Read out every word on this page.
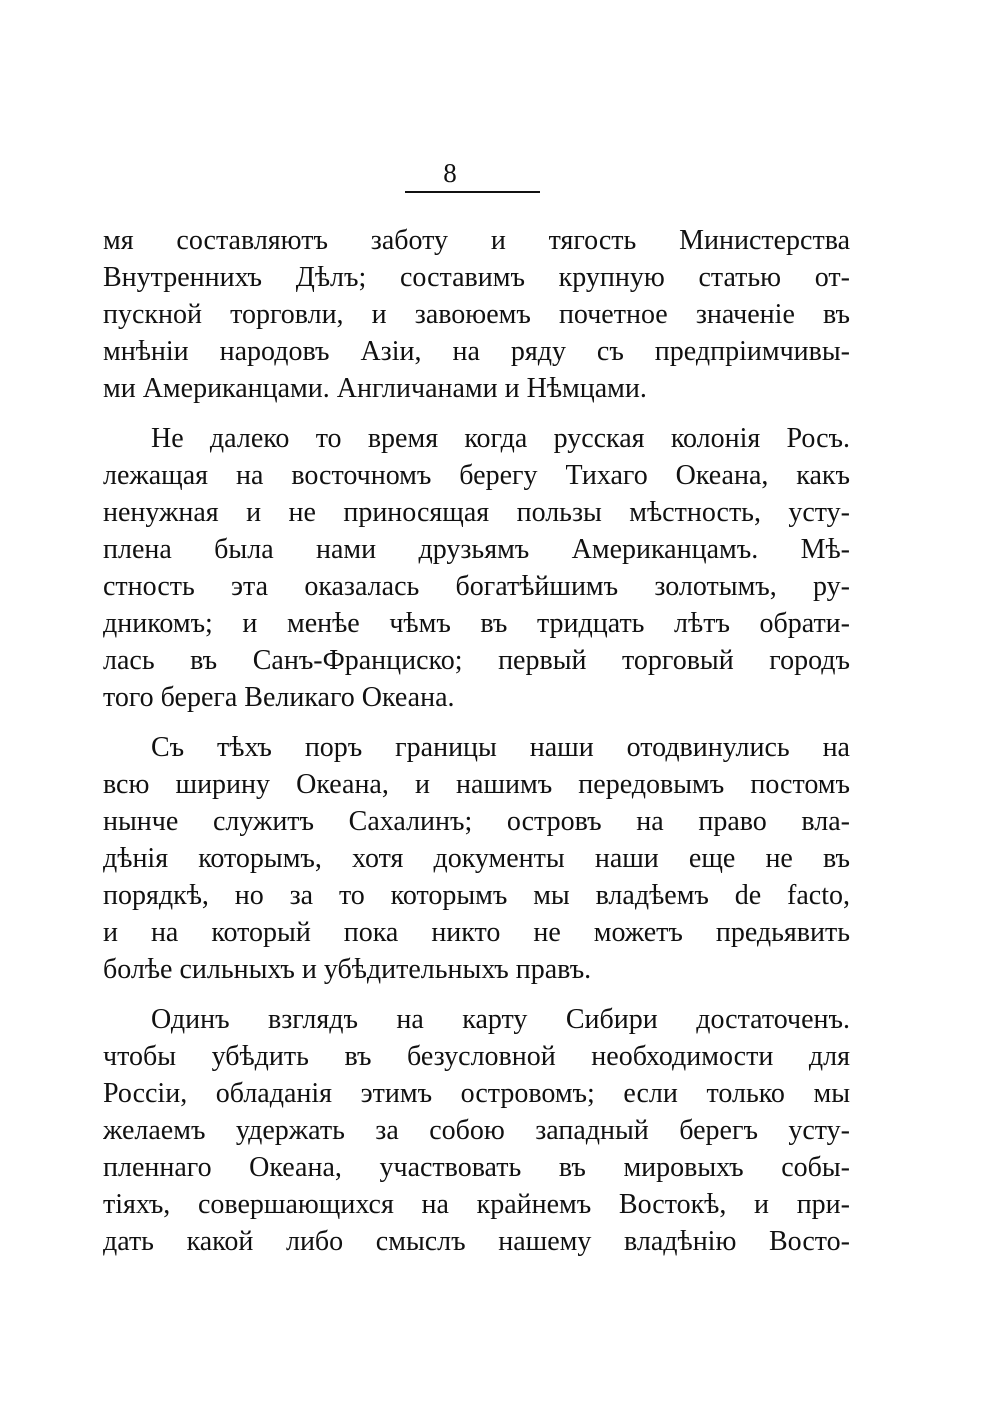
8
мя составляютъ заботу и тягость Министерства
Внутреннихъ Дѣлъ; составимъ крупную статью от-
пускной торговли, и завоюемъ почетное значенiе въ
мнѣнiи народовъ Азiи, на ряду съ предпрiимчивы-
ми Американцами. Англичанами и Нѣмцами.
Не далеко то время когда русская колонiя Росъ.
лежащая на восточномъ берегу Тихаго Океана, какъ
ненужная и не приносящая пользы мѣстность, усту-
плена была нами друзьямъ Американцамъ. Мѣ-
стность эта оказалась богатѣйшимъ золотымъ, ру-
дникомъ; и менѣе чѣмъ въ тридцать лѣтъ обрати-
лась въ Санъ-Франциско; первый торговый городъ
того берега Великаго Океана.
Съ тѣхъ поръ границы наши отодвинулись на
всю ширину Океана, и нашимъ передовымъ постомъ
нынче служитъ Сахалинъ; островъ на право вла-
дѣнiя которымъ, хотя документы наши еще не въ
порядкѣ, но за то которымъ мы владѣемъ de facto,
и на который пока никто не можетъ предьявить
болѣе сильныхъ и убѣдительныхъ правъ.
Одинъ взглядъ на карту Сибири достаточенъ.
чтобы убѣдить въ безусловной необходимости для
Россiи, обладанiя этимъ островомъ; если только мы
желаемъ удержать за собою западный берегъ усту-
пленнаго Океана, участвовать въ мировыхъ собы-
тiяхъ, совершающихся на крайнемъ Востокѣ, и при-
дать какой либо смыслъ нашему владѣнiю Восто-
